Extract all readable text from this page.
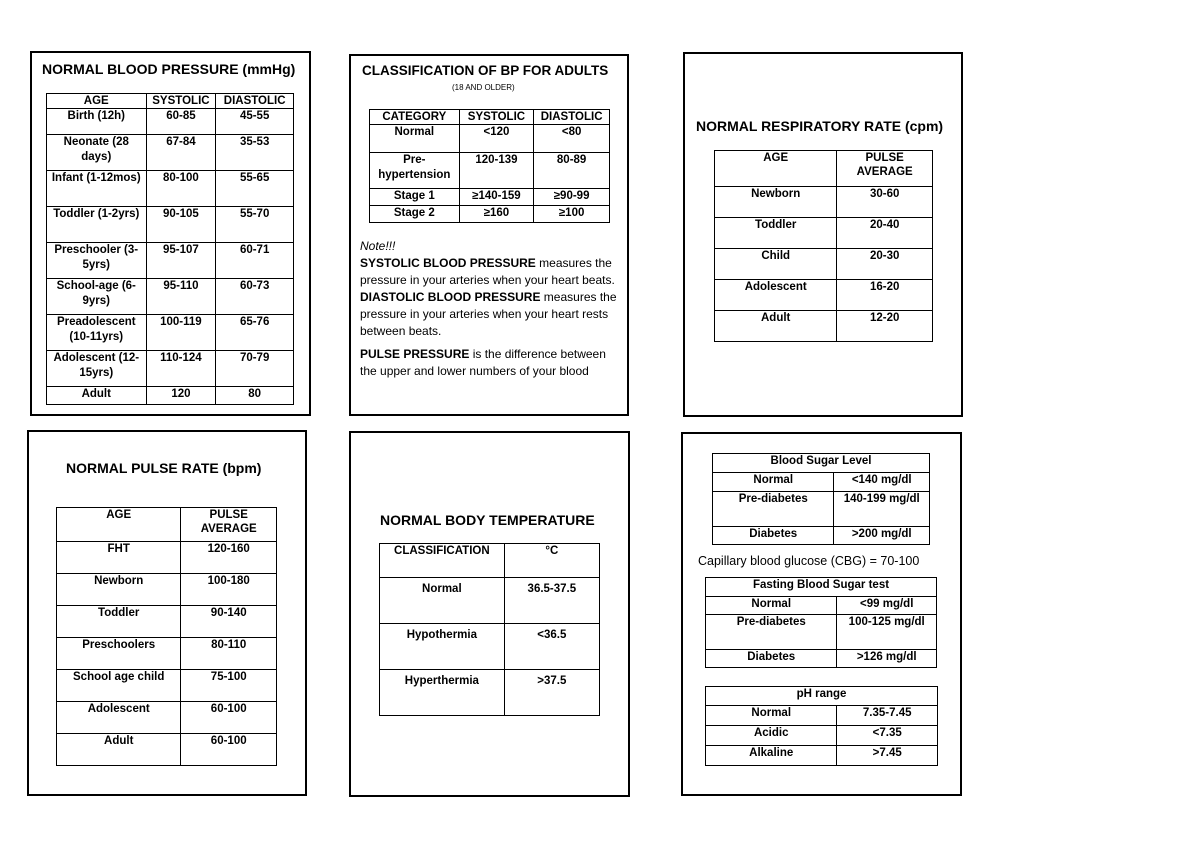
NORMAL BLOOD PRESSURE (mmHg)
AGE	SYSTOLIC	DIASTOLIC
Birth (12h)	60-85	45-55
Neonate (28 days)	67-84	35-53
Infant (1-12mos)	80-100	55-65
Toddler (1-2yrs)	90-105	55-70
Preschooler (3-5yrs)	95-107	60-71
School-age (6-9yrs)	95-110	60-73
Preadolescent (10-11yrs)	100-119	65-76
Adolescent (12-15yrs)	110-124	70-79
Adult	120	80
CLASSIFICATION OF BP FOR ADULTS
(18 AND OLDER)
CATEGORY	SYSTOLIC	DIASTOLIC
Normal	<120	<80
Pre-hypertension	120-139	80-89
Stage 1	≥140-159	≥90-99
Stage 2	≥160	≥100
Note!!!
SYSTOLIC BLOOD PRESSURE measures the pressure in your arteries when your heart beats.
DIASTOLIC BLOOD PRESSURE measures the pressure in your arteries when your heart rests between beats.
PULSE PRESSURE is the difference between the upper and lower numbers of your blood
NORMAL RESPIRATORY RATE (cpm)
AGE	PULSE AVERAGE
Newborn	30-60
Toddler	20-40
Child	20-30
Adolescent	16-20
Adult	12-20
NORMAL PULSE RATE (bpm)
AGE	PULSE AVERAGE
FHT	120-160
Newborn	100-180
Toddler	90-140
Preschoolers	80-110
School age child	75-100
Adolescent	60-100
Adult	60-100
NORMAL BODY TEMPERATURE
CLASSIFICATION	°C
Normal	36.5-37.5
Hypothermia	<36.5
Hyperthermia	>37.5
Blood Sugar Level	
Normal	<140 mg/dl
Pre-diabetes	140-199 mg/dl
Diabetes	>200 mg/dl
Capillary blood glucose (CBG) = 70-100
Fasting Blood Sugar test	
Normal	<99 mg/dl
Pre-diabetes	100-125 mg/dl
Diabetes	>126 mg/dl
pH range	
Normal	7.35-7.45
Acidic	<7.35
Alkaline	>7.45
